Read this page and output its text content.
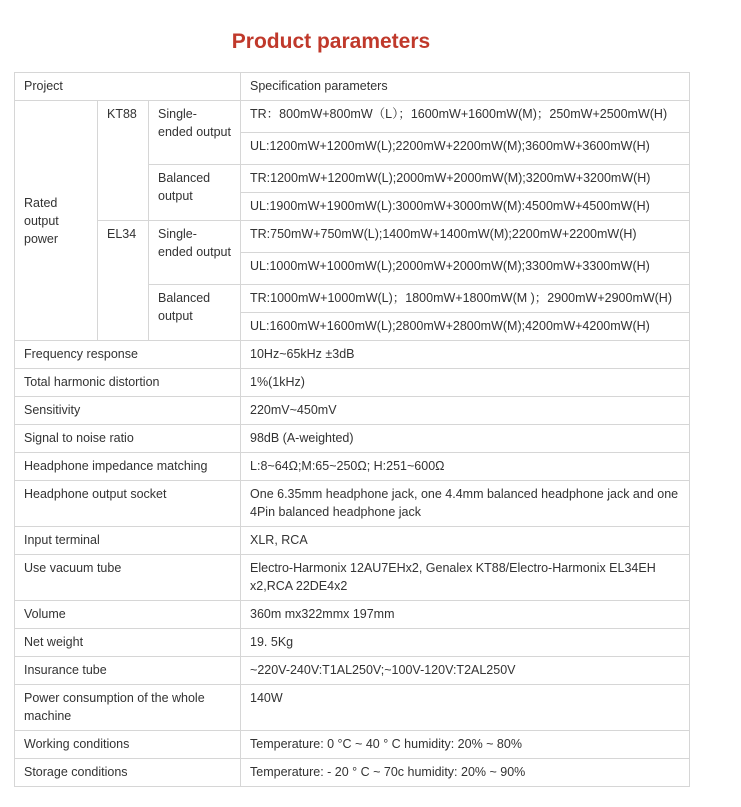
Product parameters
Project			Specification parameters
Rated output power	KT88	Single-ended output	TR：800mW+800mW（L）；1600mW+1600mW(M)；250mW+2500mW(H)
			UL:1200mW+1200mW(L);2200mW+2200mW(M);3600mW+3600mW(H)
		Balanced output	TR:1200mW+1200mW(L);2000mW+2000mW(M);3200mW+3200mW(H)
			UL:1900mW+1900mW(L):3000mW+3000mW(M):4500mW+4500mW(H)
	EL34	Single-ended output	TR:750mW+750mW(L);1400mW+1400mW(M);2200mW+2200mW(H)
			UL:1000mW+1000mW(L);2000mW+2000mW(M);3300mW+3300mW(H)
		Balanced output	TR:1000mW+1000mW(L)；1800mW+1800mW(M )；2900mW+2900mW(H)
			UL:1600mW+1600mW(L);2800mW+2800mW(M);4200mW+4200mW(H)
Frequency response			10Hz~65kHz ±3dB
Total harmonic distortion			1%(1kHz)
Sensitivity			220mV~450mV
Signal to noise ratio			98dB (A-weighted)
Headphone impedance matching			L:8~64Ω;M:65~250Ω; H:251~600Ω
Headphone output socket			One 6.35mm headphone jack, one 4.4mm balanced headphone jack and one 4Pin balanced headphone jack
Input terminal			XLR, RCA
Use vacuum tube			Electro-Harmonix 12AU7EHx2, Genalex KT88/Electro-Harmonix EL34EH x2,RCA 22DE4x2
Volume			360m mx322mmx 197mm
Net weight			19. 5Kg
Insurance tube			~220V-240V:T1AL250V;~100V-120V:T2AL250V
Power consumption of the whole machine			140W
Working conditions			Temperature: 0 °C ~ 40 ° C humidity: 20% ~ 80%
Storage conditions			Temperature: - 20 ° C ~ 70c humidity: 20% ~ 90%
